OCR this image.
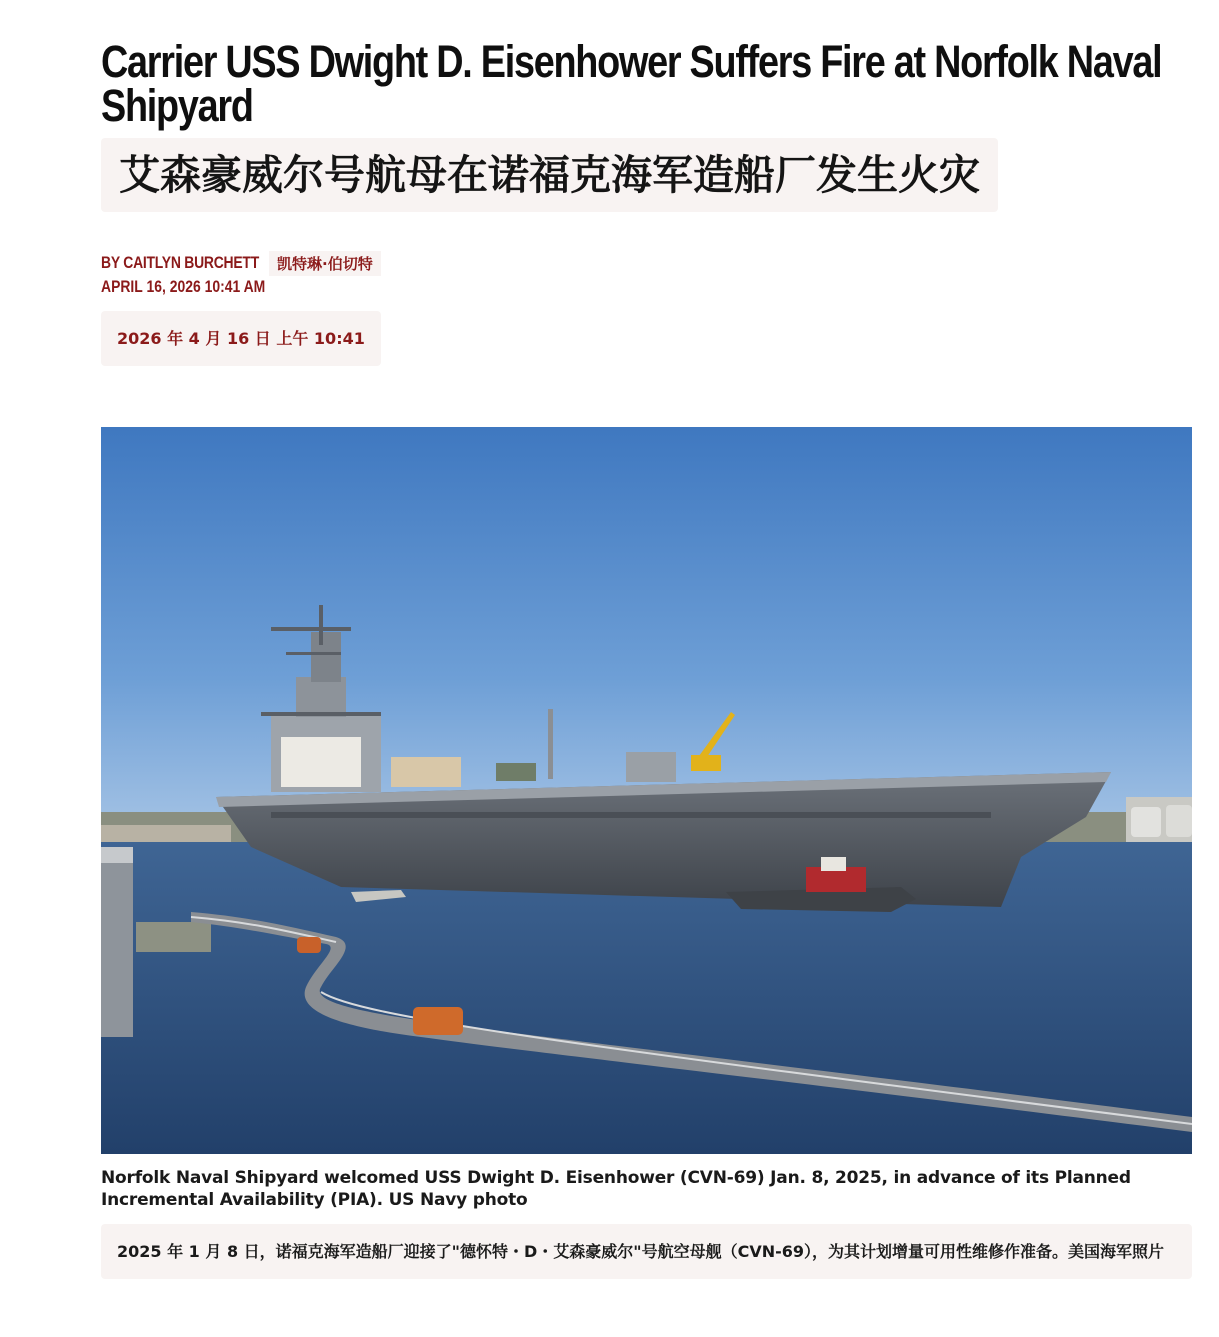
Carrier USS Dwight D. Eisenhower Suffers Fire at Norfolk Naval Shipyard
艾森豪威尔号航母在诺福克海军造船厂发生火灾
BY CAITLYN BURCHETT	凯特琳·伯切特
APRIL 16, 2026 10:41 AM
2026 年 4 月 16 日 上午 10:41
Norfolk Naval Shipyard welcomed USS Dwight D. Eisenhower (CVN-69) Jan. 8, 2025, in advance of its Planned Incremental Availability (PIA). US Navy photo
2025 年 1 月 8 日，诺福克海军造船厂迎接了"德怀特・D・艾森豪威尔"号航空母舰（CVN-69），为其计划增量可用性维修作准备。美国海军照片
